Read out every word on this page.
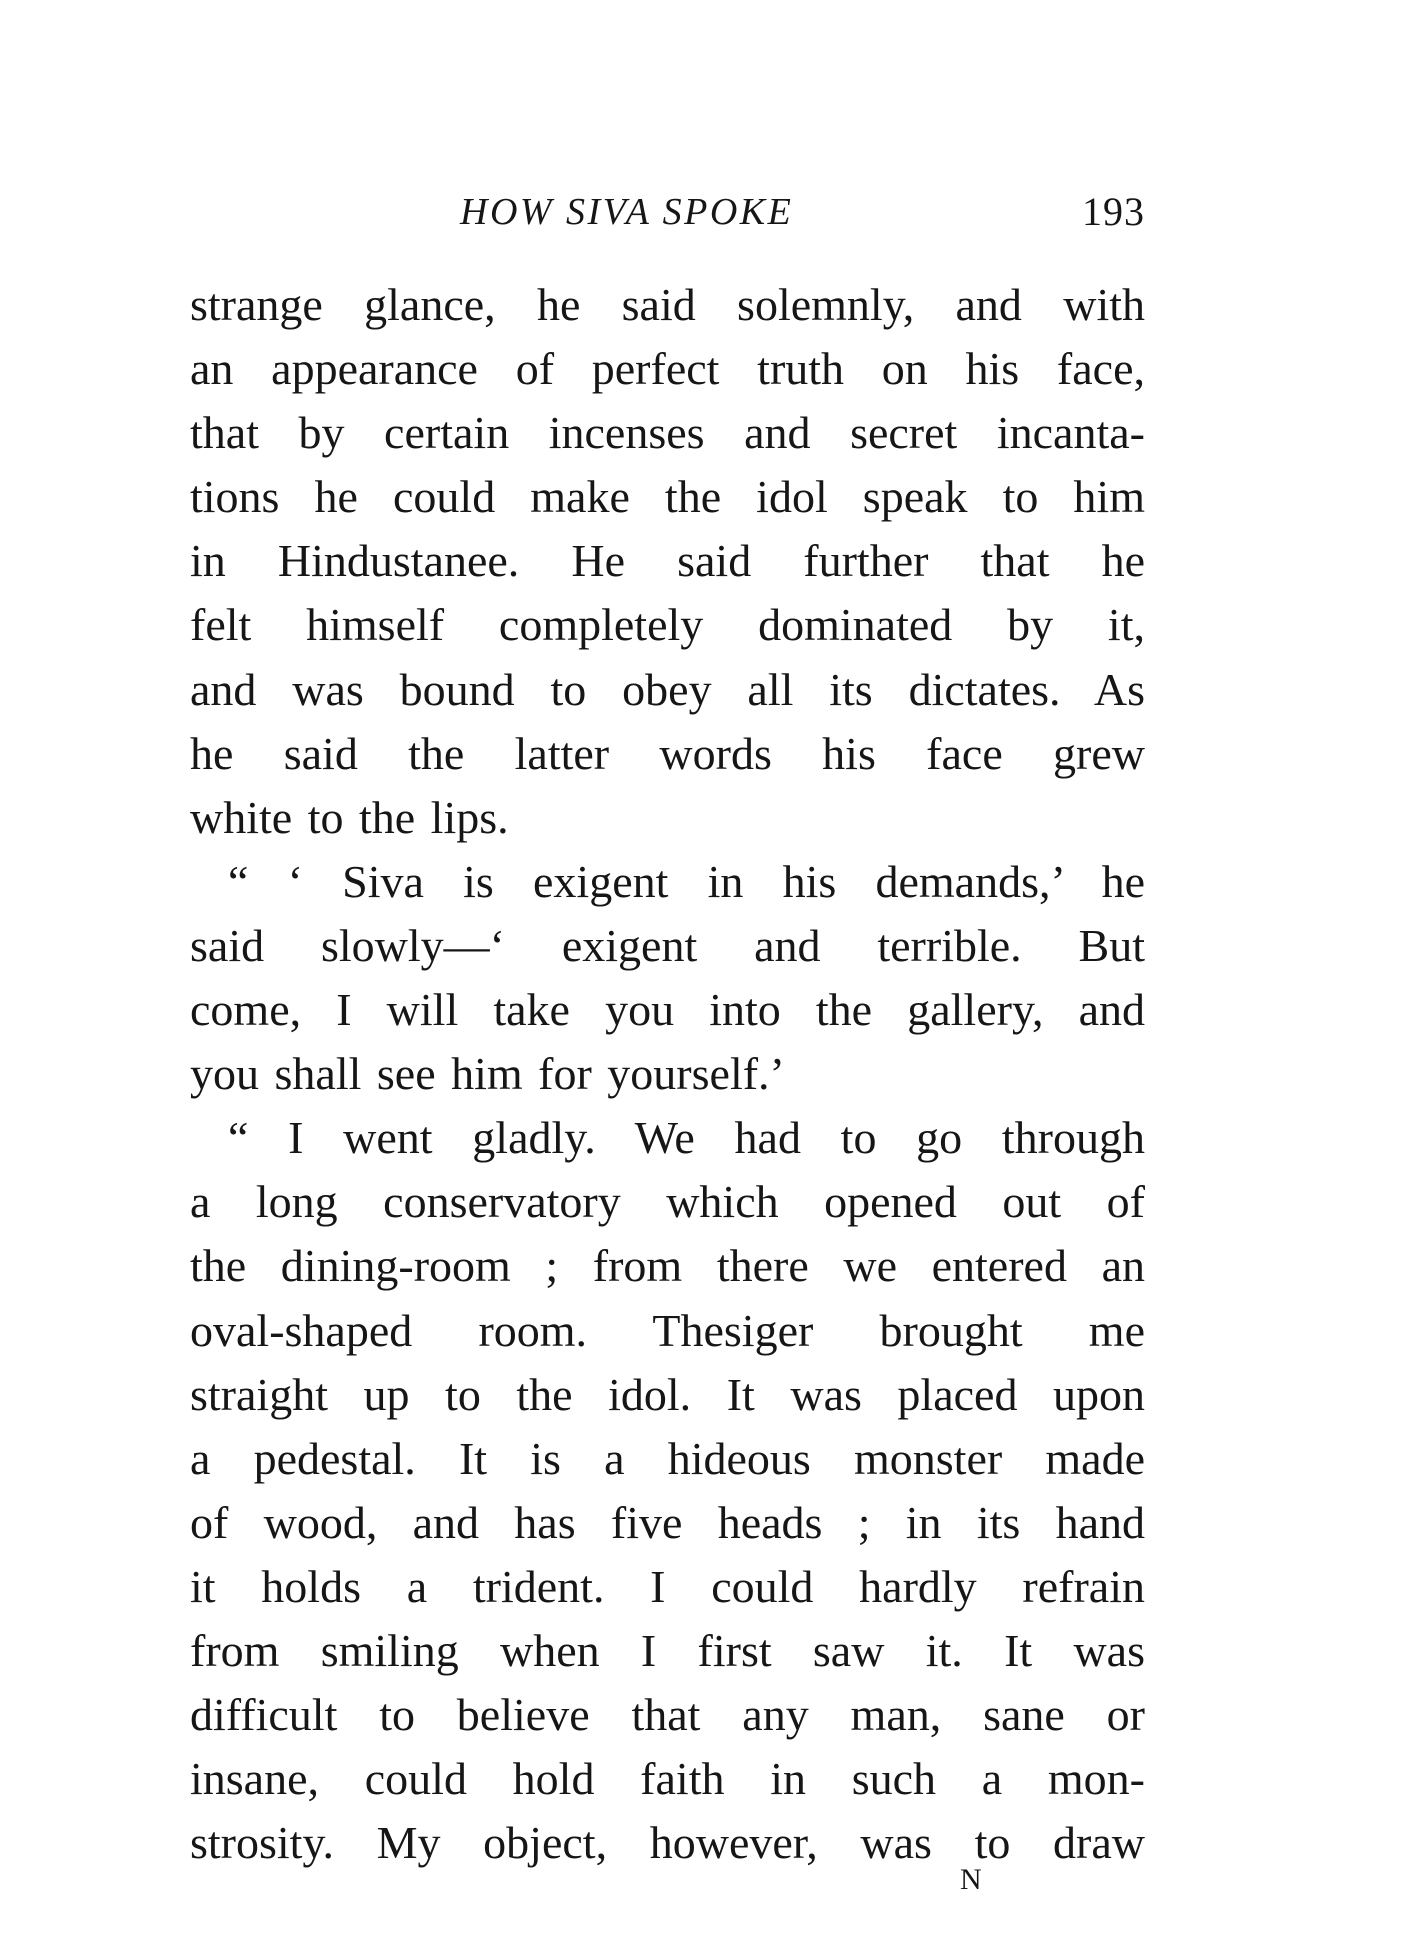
HOW SIVA SPOKE	193
strange glance, he said solemnly, and with
an appearance of perfect truth on his face,
that by certain incenses and secret incanta-
tions he could make the idol speak to him
in Hindustanee. He said further that he
felt himself completely dominated by it,
and was bound to obey all its dictates. As
he said the latter words his face grew
white to the lips.
“ ‘ Siva is exigent in his demands,’ he
said slowly—‘ exigent and terrible. But
come, I will take you into the gallery, and
you shall see him for yourself.’
“ I went gladly. We had to go through
a long conservatory which opened out of
the dining-room ; from there we entered an
oval-shaped room. Thesiger brought me
straight up to the idol. It was placed upon
a pedestal. It is a hideous monster made
of wood, and has five heads ; in its hand
it holds a trident. I could hardly refrain
from smiling when I first saw it. It was
difficult to believe that any man, sane or
insane, could hold faith in such a mon-
strosity. My object, however, was to draw
N
